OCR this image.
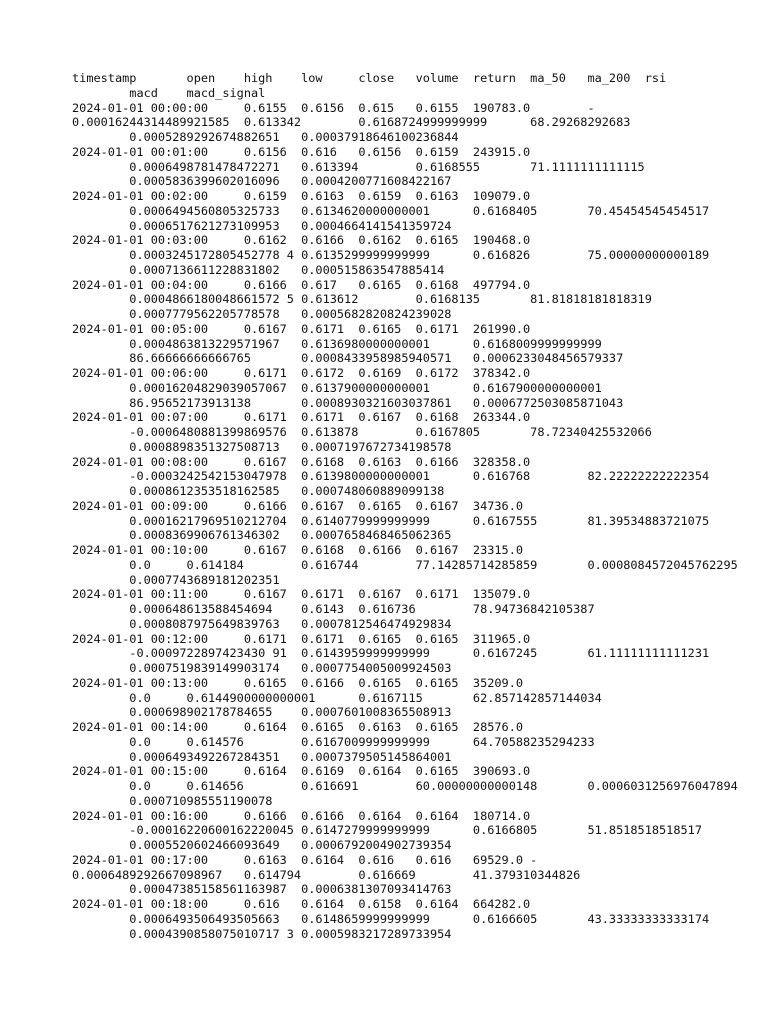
timestamp	open	high	low	close	volume	return	ma_50	ma_200	rsi
	macd	macd_signal
2024-01-01 00:00:00	0.6155	0.6156	0.615	0.6155	190783.0	-
0.00016244314489921585	0.613342	0.6168724999999999	68.29268292683
	0.0005289292674882651	0.00037918646100236844
2024-01-01 00:01:00	0.6156	0.616	0.6156	0.6159	243915.0
	0.0006498781478472271	0.613394	0.6168555	71.1111111111115
	0.0005836399602016096	0.0004200771608422167
2024-01-01 00:02:00	0.6159	0.6163	0.6159	0.6163	109079.0
	0.0006494560805325733	0.6134620000000001	0.6168405	70.45454545454517
	0.000651762127310995​3	0.0004664141541359724
2024-01-01 00:03:00	0.6162	0.6166	0.6162	0.6165	190468.0
	0.0003245172805452778 4	0.6135299999999999	0.616826	75.00000000000189
	0.0007136611228831802	0.000515863547885414
2024-01-01 00:04:00	0.6166	0.617	0.6165	0.6168	497794.0
	0.0004866180048661572 5	0.613612	0.6168135	81.81818181818319
	0.0007779562205778578	0.0005682820824239028
2024-01-01 00:05:00	0.6167	0.6171	0.6165	0.6171	261990.0
	0.0004863813229571967	0.6136980000000001	0.6168009999999999
	86.66666666666765	0.0008433958985940571	0.0006233048456579337
2024-01-01 00:06:00	0.6171	0.6172	0.6169	0.6172	378342.0
	0.00016204829039057067	0.6137900000000001	0.6167900000000001
	86.95652173913138	0.0008930321603037861	0.0006772503085871043
2024-01-01 00:07:00	0.6171	0.6171	0.6167	0.6168	263344.0
	-0.0006480881399869576	0.613878	0.6167805	78.72340425532066
	0.0008898351327508713	0.0007197672734198578
2024-01-01 00:08:00	0.6167	0.6168	0.6163	0.6166	328358.0
	-0.0003242542153047978	0.6139800000000001	0.616768	82.22222222222354
	0.0008612353518162585	0.000748060889099138
2024-01-01 00:09:00	0.6166	0.6167	0.6165	0.6167	34736.0
	0.00016217969510212704	0.6140779999999999	0.6167555	81.39534883721075
	0.0008369906761346302	0.0007658468465062365
2024-01-01 00:10:00	0.6167	0.6168	0.6166	0.6167	23315.0
	0.0	0.614184	0.616744	77.14285714285859	0.0008084572045762295
	0.0007743689181202351
2024-01-01 00:11:00	0.6167	0.6171	0.6167	0.6171	135079.0
	0.000648613588454694	0.6143	0.616736	78.94736842105387
	0.0008087975649839763	0.0007812546474929834
2024-01-01 00:12:00	0.6171	0.6171	0.6165	0.6165	311965.0
	-0.0009722897423430 91	0.6143959999999999	0.6167245	61.11111111111231
	0.0007519839149903174	0.0007754005009924503
2024-01-01 00:13:00	0.6165	0.6166	0.6165	0.6165	35209.0
	0.0	0.6144900000000001	0.6167115	62.857142857144034
	0.000698902178784655	0.0007601008365508913
2024-01-01 00:14:00	0.6164	0.6165	0.6163	0.6165	28576.0
	0.0	0.614576	0.6167009999999999	64.70588235294233
	0.0006493492267284351	0.0007379505145864001
2024-01-01 00:15:00	0.6164	0.6169	0.6164	0.6165	390693.0
	0.0	0.614656	0.616691	60.00000000000148	0.0006031256976047894
	0.000710985551190078
2024-01-01 00:16:00	0.6166	0.6166	0.6164	0.6164	180714.0
	-0.00016220600162220045	0.6147279999999999	0.6166805	51.8518518518517
	0.0005520602466093649	0.0006792004902739354
2024-01-01 00:17:00	0.6163	0.6164	0.616	0.616	69529.0	-
0.0006489292667098967	0.614794	0.616669	41.379310344826
	0.00047385158561163987	0.0006381307093414763
2024-01-01 00:18:00	0.616	0.6164	0.6158	0.6164	664282.0
	0.0006493506493505663	0.6148659999999999	0.6166605	43.33333333333174
	0.0004390858075010717 3	0.0005983217289733954
